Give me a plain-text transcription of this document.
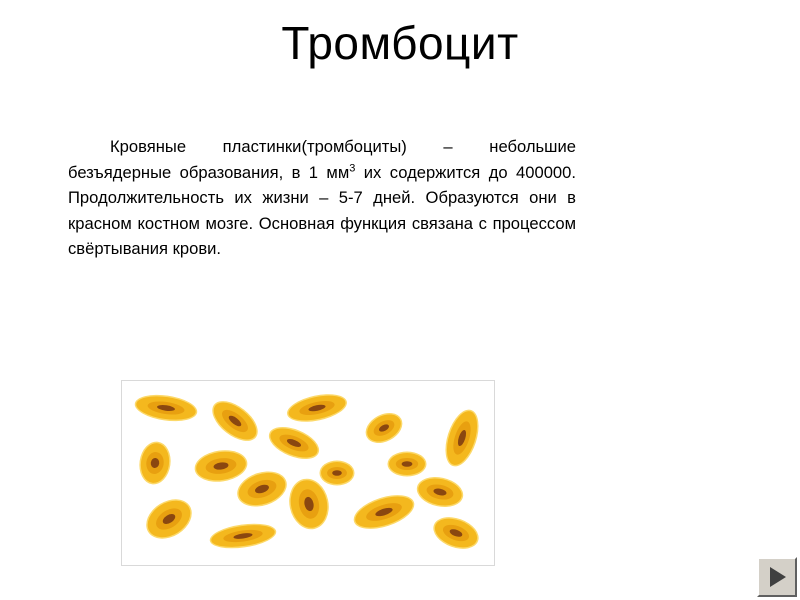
Тромбоцит
Кровяные пластинки(тромбоциты) – небольшие безъядерные образования, в 1 $мм^3$ их содержится до 400000. Продолжительность их жизни – 5-7 дней. Образуются они в красном костном мозге. Основная функция связана с процессом свёртывания крови.
